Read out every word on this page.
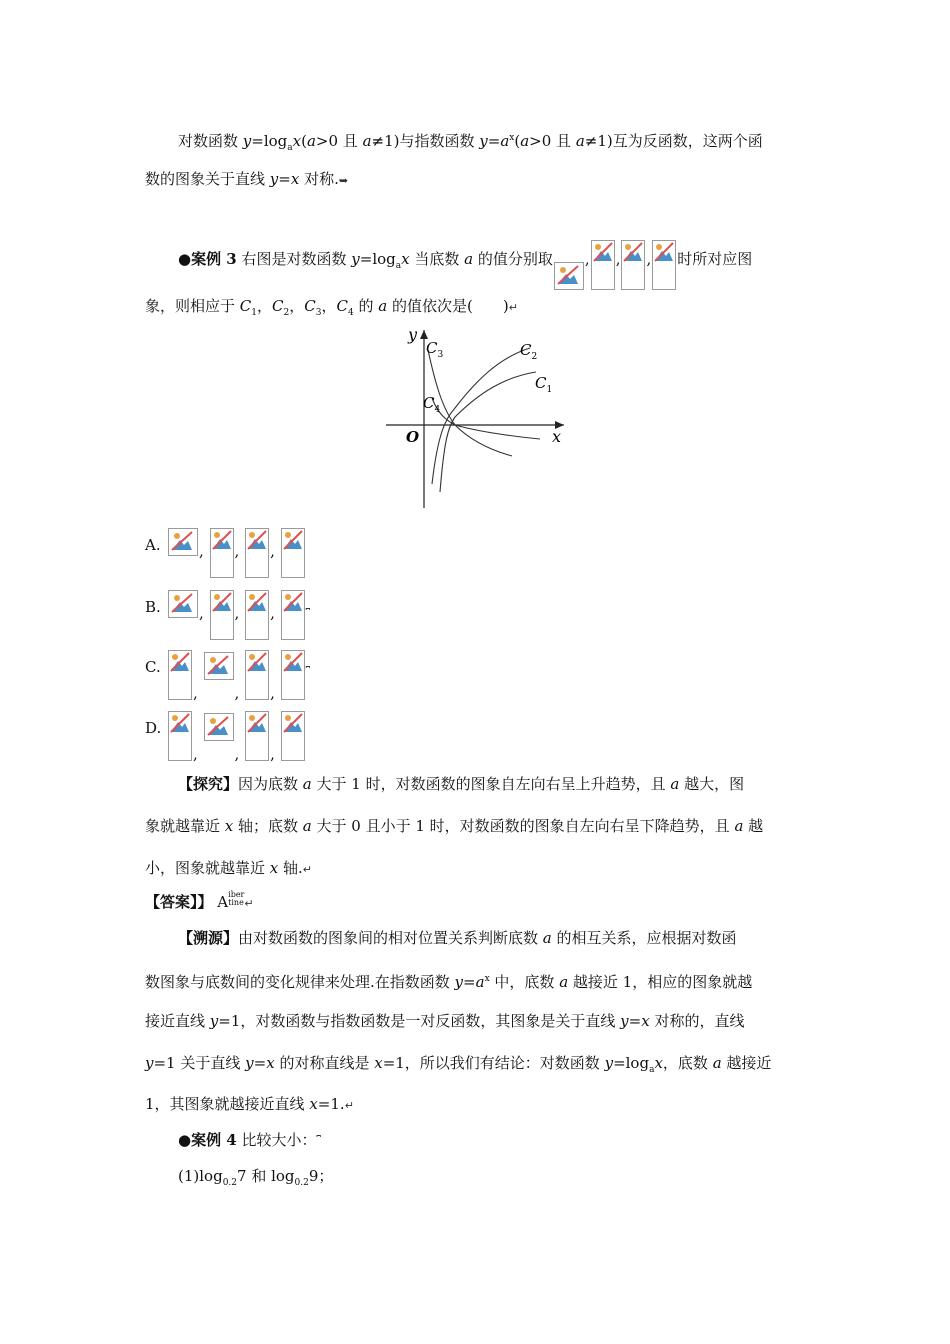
对数函数 $y=\log_ax(a>0$ 且 a≠1)与指数函数 $y=a^x(a>0$ 且 a≠1)互为反函数，这两个函
数的图象关于直线 y=x 对称.➥
●案例 3 右图是对数函数 $y=\log_ax$ 当底数 a 的值分别取 , , , 时所对应图
象，则相应于 $C_1$，$C_2$，$C_3$，$C_4$ 的 a 的值依次是(　　)↵
y
x
O
$C_3$	$C_2$
$C_1$
$C_4$
A.	,
,
,
B.	,
,
,
⎴
C.
,
,
,
⎴
D.
,
,
,
【探究】因为底数 a 大于 1 时，对数函数的图象自左向右呈上升趋势，且 a 越大，图
象就越靠近 x 轴；底数 a 大于 0 且小于 1 时，对数函数的图象自左向右呈下降趋势，且 a 越
小，图象就越靠近 x 轴.↵
【答案】】 Aiber
tine↵
【溯源】由对数函数的图象间的相对位置关系判断底数 a 的相互关系，应根据对数函
数图象与底数间的变化规律来处理.在指数函数 $y=a^x$ 中，底数 a 越接近 1，相应的图象就越
接近直线 y=1，对数函数与指数函数是一对反函数，其图象是关于直线 y=x 对称的，直线
y=1 关于直线 y=x 的对称直线是 x=1，所以我们有结论：对数函数 $y=\log_ax$，底数 a 越接近
1，其图象就越接近直线 x=1.↵
●案例 4 比较大小：⎴
$(1)\log_{0.2}7$ 和 $\log_{0.2}9$；
